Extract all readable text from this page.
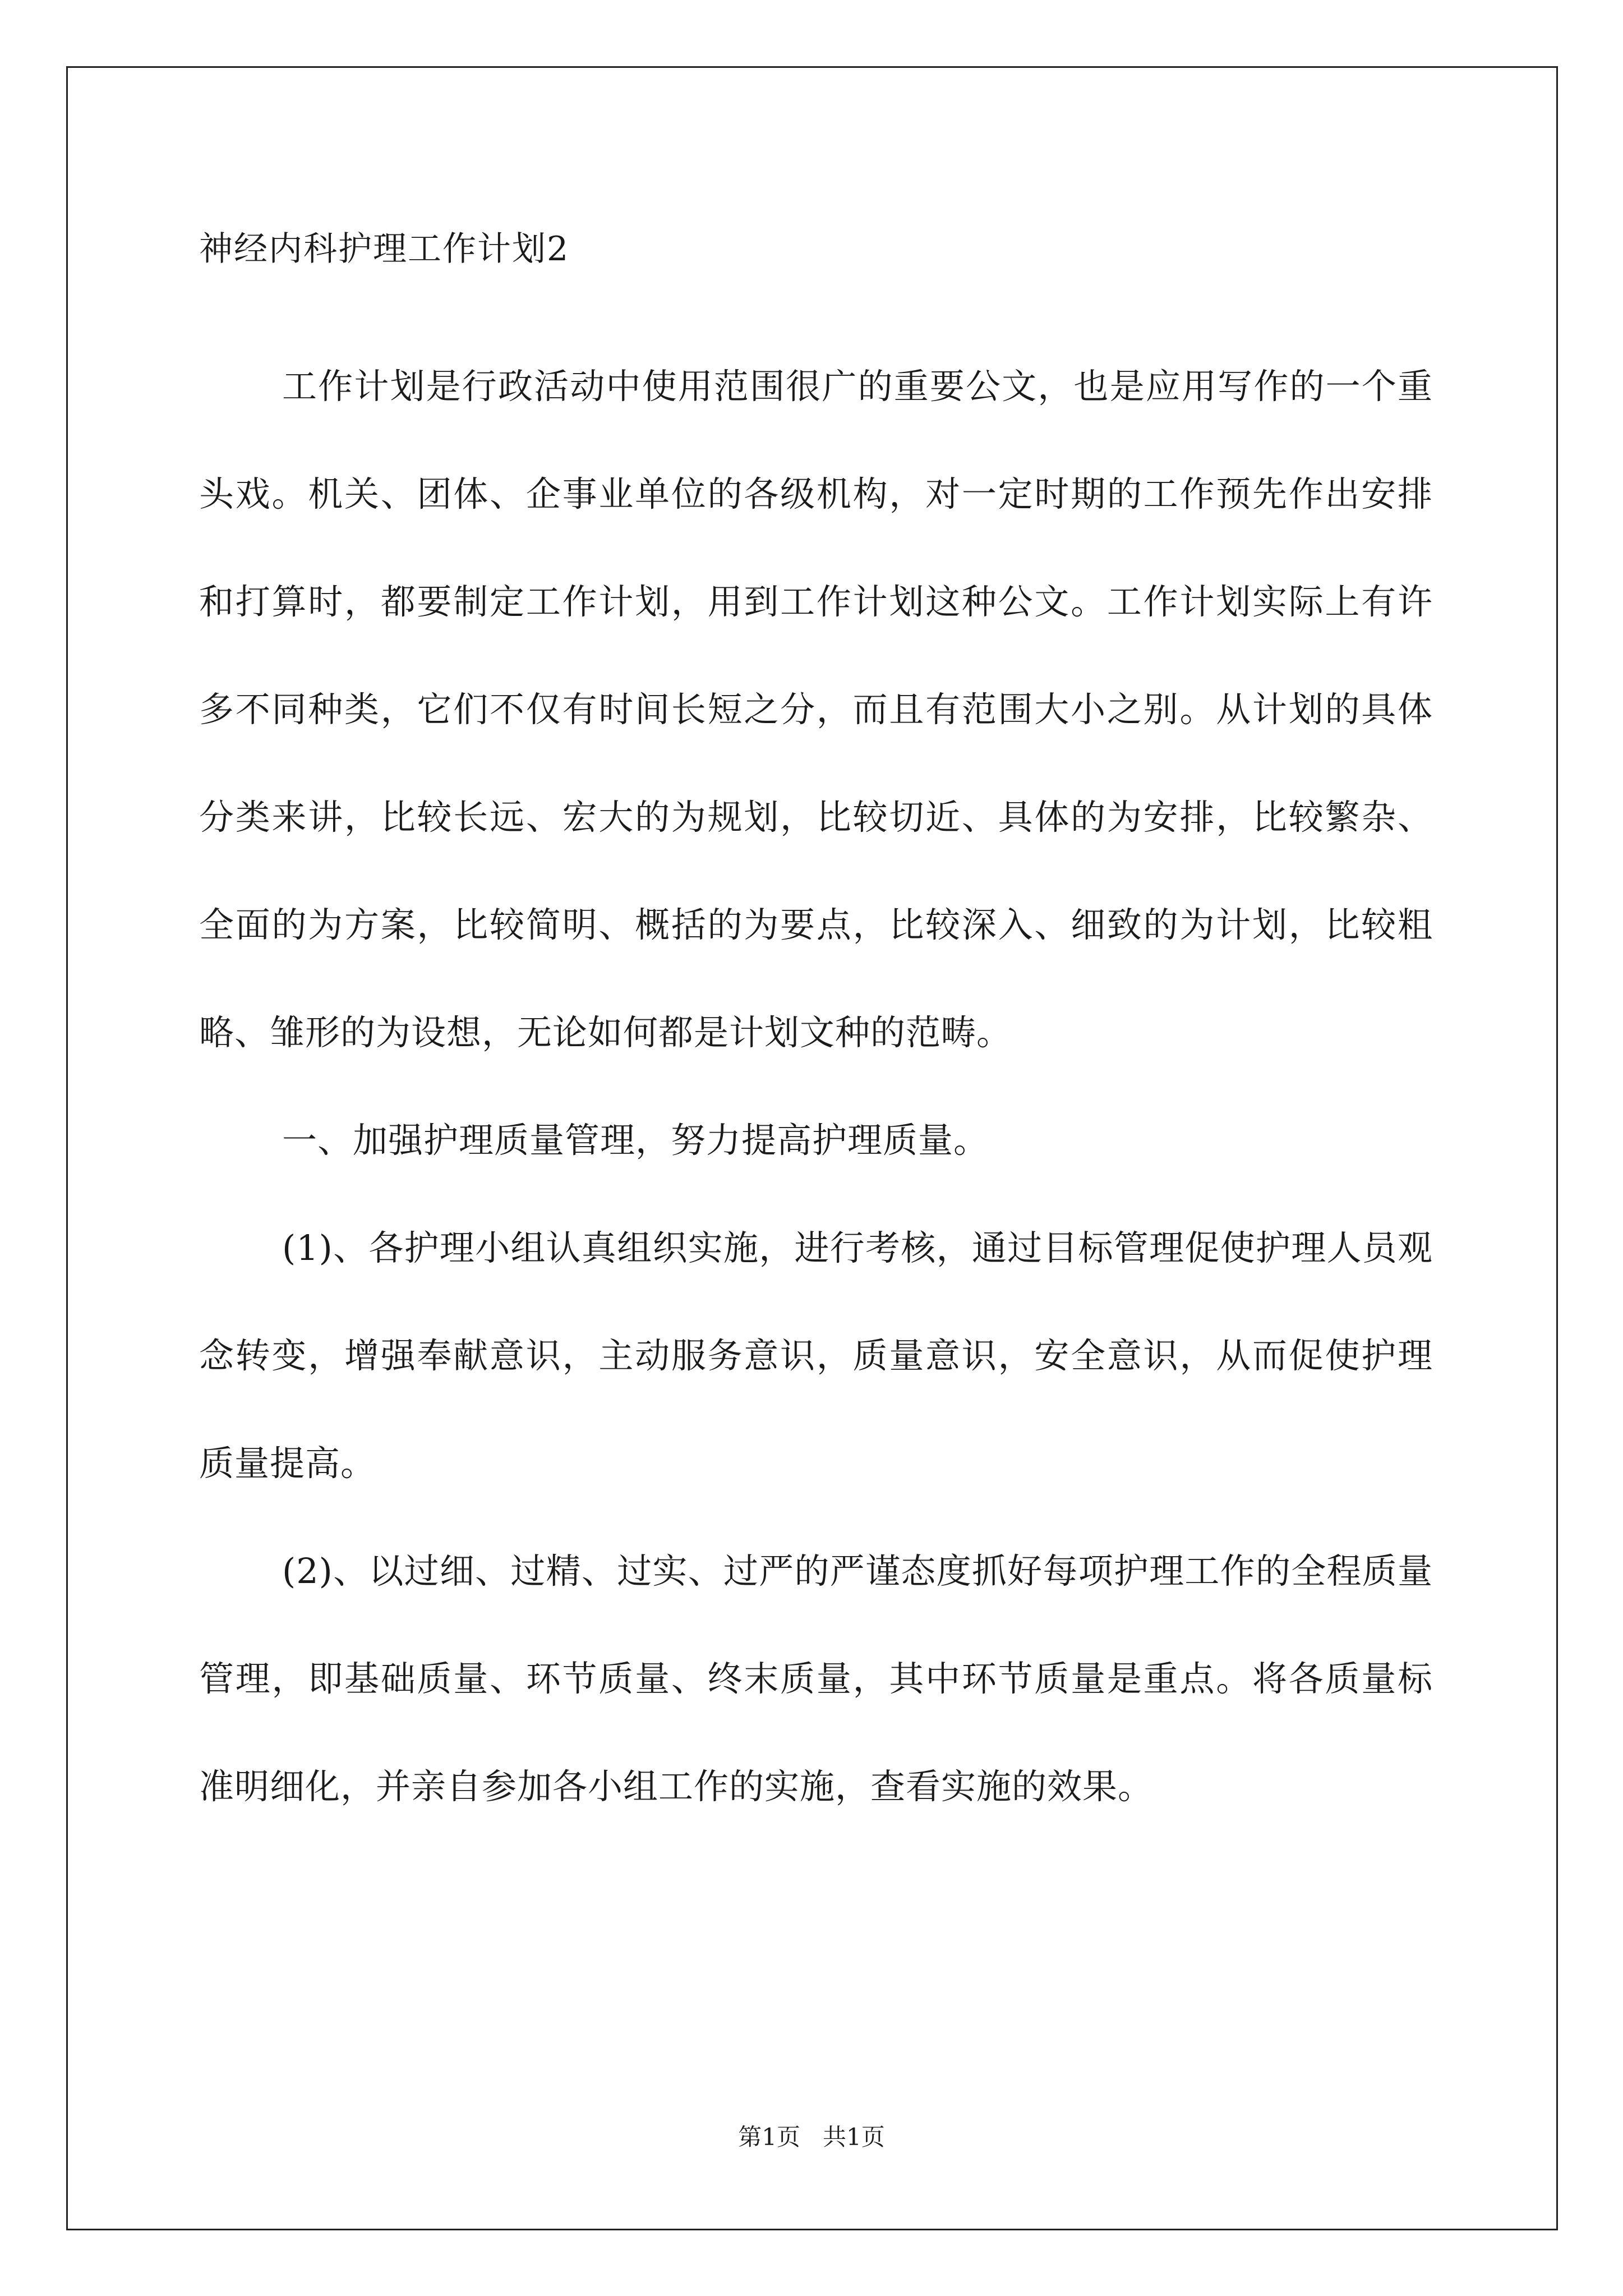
神经内科护理工作计划2

工作计划是行政活动中使用范围很广的重要公文，也是应用写作的一个重头戏。机关、团体、企事业单位的各级机构，对一定时期的工作预先作出安排和打算时，都要制定工作计划，用到工作计划这种公文。工作计划实际上有许多不同种类，它们不仅有时间长短之分，而且有范围大小之别。从计划的具体分类来讲，比较长远、宏大的为规划，比较切近、具体的为安排，比较繁杂、全面的为方案，比较简明、概括的为要点，比较深入、细致的为计划，比较粗略、雏形的为设想，无论如何都是计划文种的范畴。

一、加强护理质量管理，努力提高护理质量。

(1)、各护理小组认真组织实施，进行考核，通过目标管理促使护理人员观念转变，增强奉献意识，主动服务意识，质量意识，安全意识，从而促使护理质量提高。

(2)、以过细、过精、过实、过严的严谨态度抓好每项护理工作的全程质量管理，即基础质量、环节质量、终末质量，其中环节质量是重点。将各质量标准明细化，并亲自参加各小组工作的实施，查看实施的效果。

第1页   共1页
